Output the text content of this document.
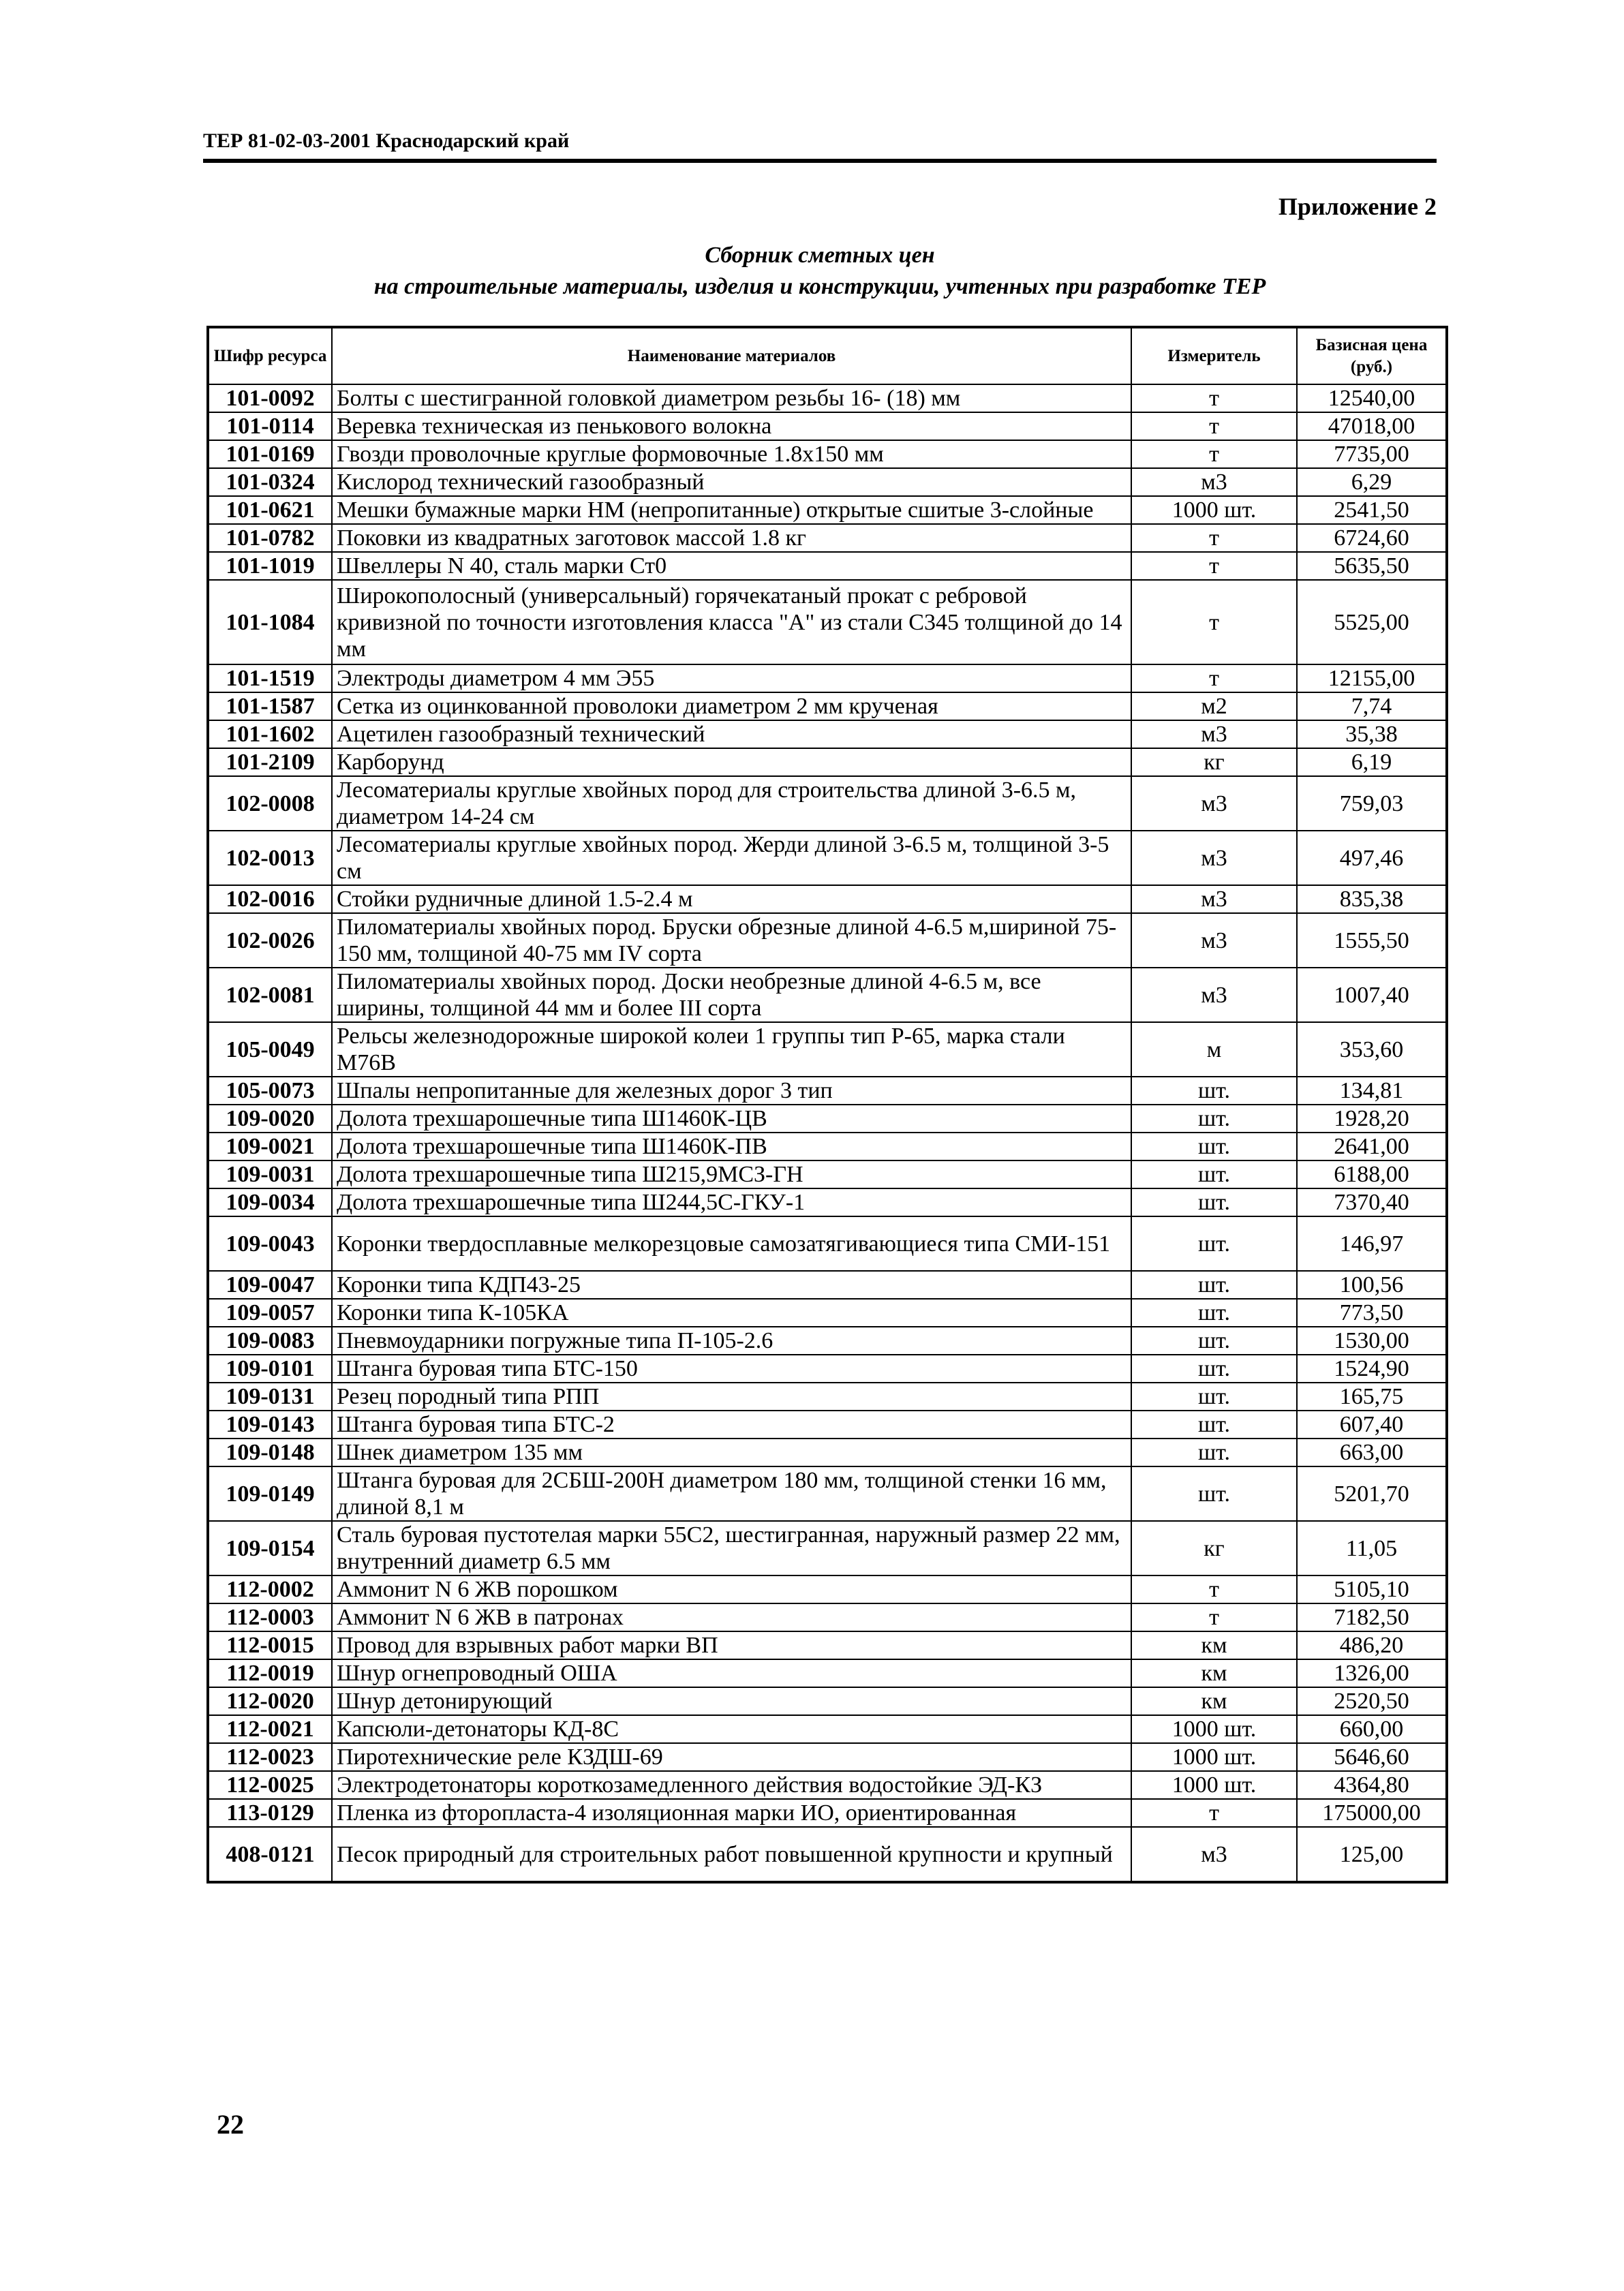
ТЕР 81-02-03-2001 Краснодарский край
Приложение 2
Сборник сметных цен
на строительные материалы, изделия и конструкции, учтенных при разработке ТЕР
Шифр ресурса	Наименование материалов	Измеритель	Базисная цена (руб.)
101-0092	Болты с шестигранной головкой диаметром резьбы 16- (18) мм	т	12540,00
101-0114	Веревка техническая из пенькового волокна	т	47018,00
101-0169	Гвозди проволочные круглые формовочные 1.8x150 мм	т	7735,00
101-0324	Кислород технический газообразный	м3	6,29
101-0621	Мешки бумажные марки НМ (непропитанные) открытые сшитые 3-слойные	1000 шт.	2541,50
101-0782	Поковки из квадратных заготовок массой 1.8 кг	т	6724,60
101-1019	Швеллеры N 40, сталь марки Ст0	т	5635,50
101-1084	Широкополосный (универсальный) горячекатаный прокат с ребровой кривизной по точности изготовления класса "А" из стали С345 толщиной до 14 мм	т	5525,00
101-1519	Электроды диаметром 4 мм Э55	т	12155,00
101-1587	Сетка из оцинкованной проволоки диаметром 2 мм крученая	м2	7,74
101-1602	Ацетилен газообразный технический	м3	35,38
101-2109	Карборунд	кг	6,19
102-0008	Лесоматериалы круглые хвойных пород для строительства длиной 3-6.5 м, диаметром 14-24 см	м3	759,03
102-0013	Лесоматериалы круглые хвойных пород. Жерди длиной 3-6.5 м, толщиной 3-5 см	м3	497,46
102-0016	Стойки рудничные длиной 1.5-2.4 м	м3	835,38
102-0026	Пиломатериалы хвойных пород. Бруски обрезные длиной 4-6.5 м,шириной 75-150 мм, толщиной 40-75 мм IV сорта	м3	1555,50
102-0081	Пиломатериалы хвойных пород. Доски необрезные длиной 4-6.5 м, все ширины, толщиной 44 мм и более III сорта	м3	1007,40
105-0049	Рельсы железнодорожные широкой колеи 1 группы тип Р-65, марка стали М76В	м	353,60
105-0073	Шпалы непропитанные для железных дорог 3 тип	шт.	134,81
109-0020	Долота трехшарошечные типа Ш1460К-ЦВ	шт.	1928,20
109-0021	Долота трехшарошечные типа Ш1460К-ПВ	шт.	2641,00
109-0031	Долота трехшарошечные типа Ш215,9МСЗ-ГН	шт.	6188,00
109-0034	Долота трехшарошечные типа Ш244,5С-ГКУ-1	шт.	7370,40
109-0043	Коронки твердосплавные мелкорезцовые самозатягивающиеся типа СМИ-151	шт.	146,97
109-0047	Коронки типа КДП43-25	шт.	100,56
109-0057	Коронки типа К-105КА	шт.	773,50
109-0083	Пневмоударники погружные типа П-105-2.6	шт.	1530,00
109-0101	Штанга буровая типа БТС-150	шт.	1524,90
109-0131	Резец породный типа РПП	шт.	165,75
109-0143	Штанга буровая типа БТС-2	шт.	607,40
109-0148	Шнек диаметром 135 мм	шт.	663,00
109-0149	Штанга буровая для 2СБШ-200Н диаметром 180 мм, толщиной стенки 16 мм, длиной 8,1 м	шт.	5201,70
109-0154	Сталь буровая пустотелая марки 55С2, шестигранная, наружный размер 22 мм, внутренний диаметр 6.5 мм	кг	11,05
112-0002	Аммонит N 6 ЖВ порошком	т	5105,10
112-0003	Аммонит N 6 ЖВ в патронах	т	7182,50
112-0015	Провод для взрывных работ марки ВП	км	486,20
112-0019	Шнур огнепроводный ОША	км	1326,00
112-0020	Шнур детонирующий	км	2520,50
112-0021	Капсюли-детонаторы КД-8С	1000 шт.	660,00
112-0023	Пиротехнические реле КЗДШ-69	1000 шт.	5646,60
112-0025	Электродетонаторы короткозамедленного действия водостойкие ЭД-КЗ	1000 шт.	4364,80
113-0129	Пленка из фторопласта-4 изоляционная марки ИО, ориентированная	т	175000,00
408-0121	Песок природный для строительных работ повышенной крупности и крупный	м3	125,00
22
